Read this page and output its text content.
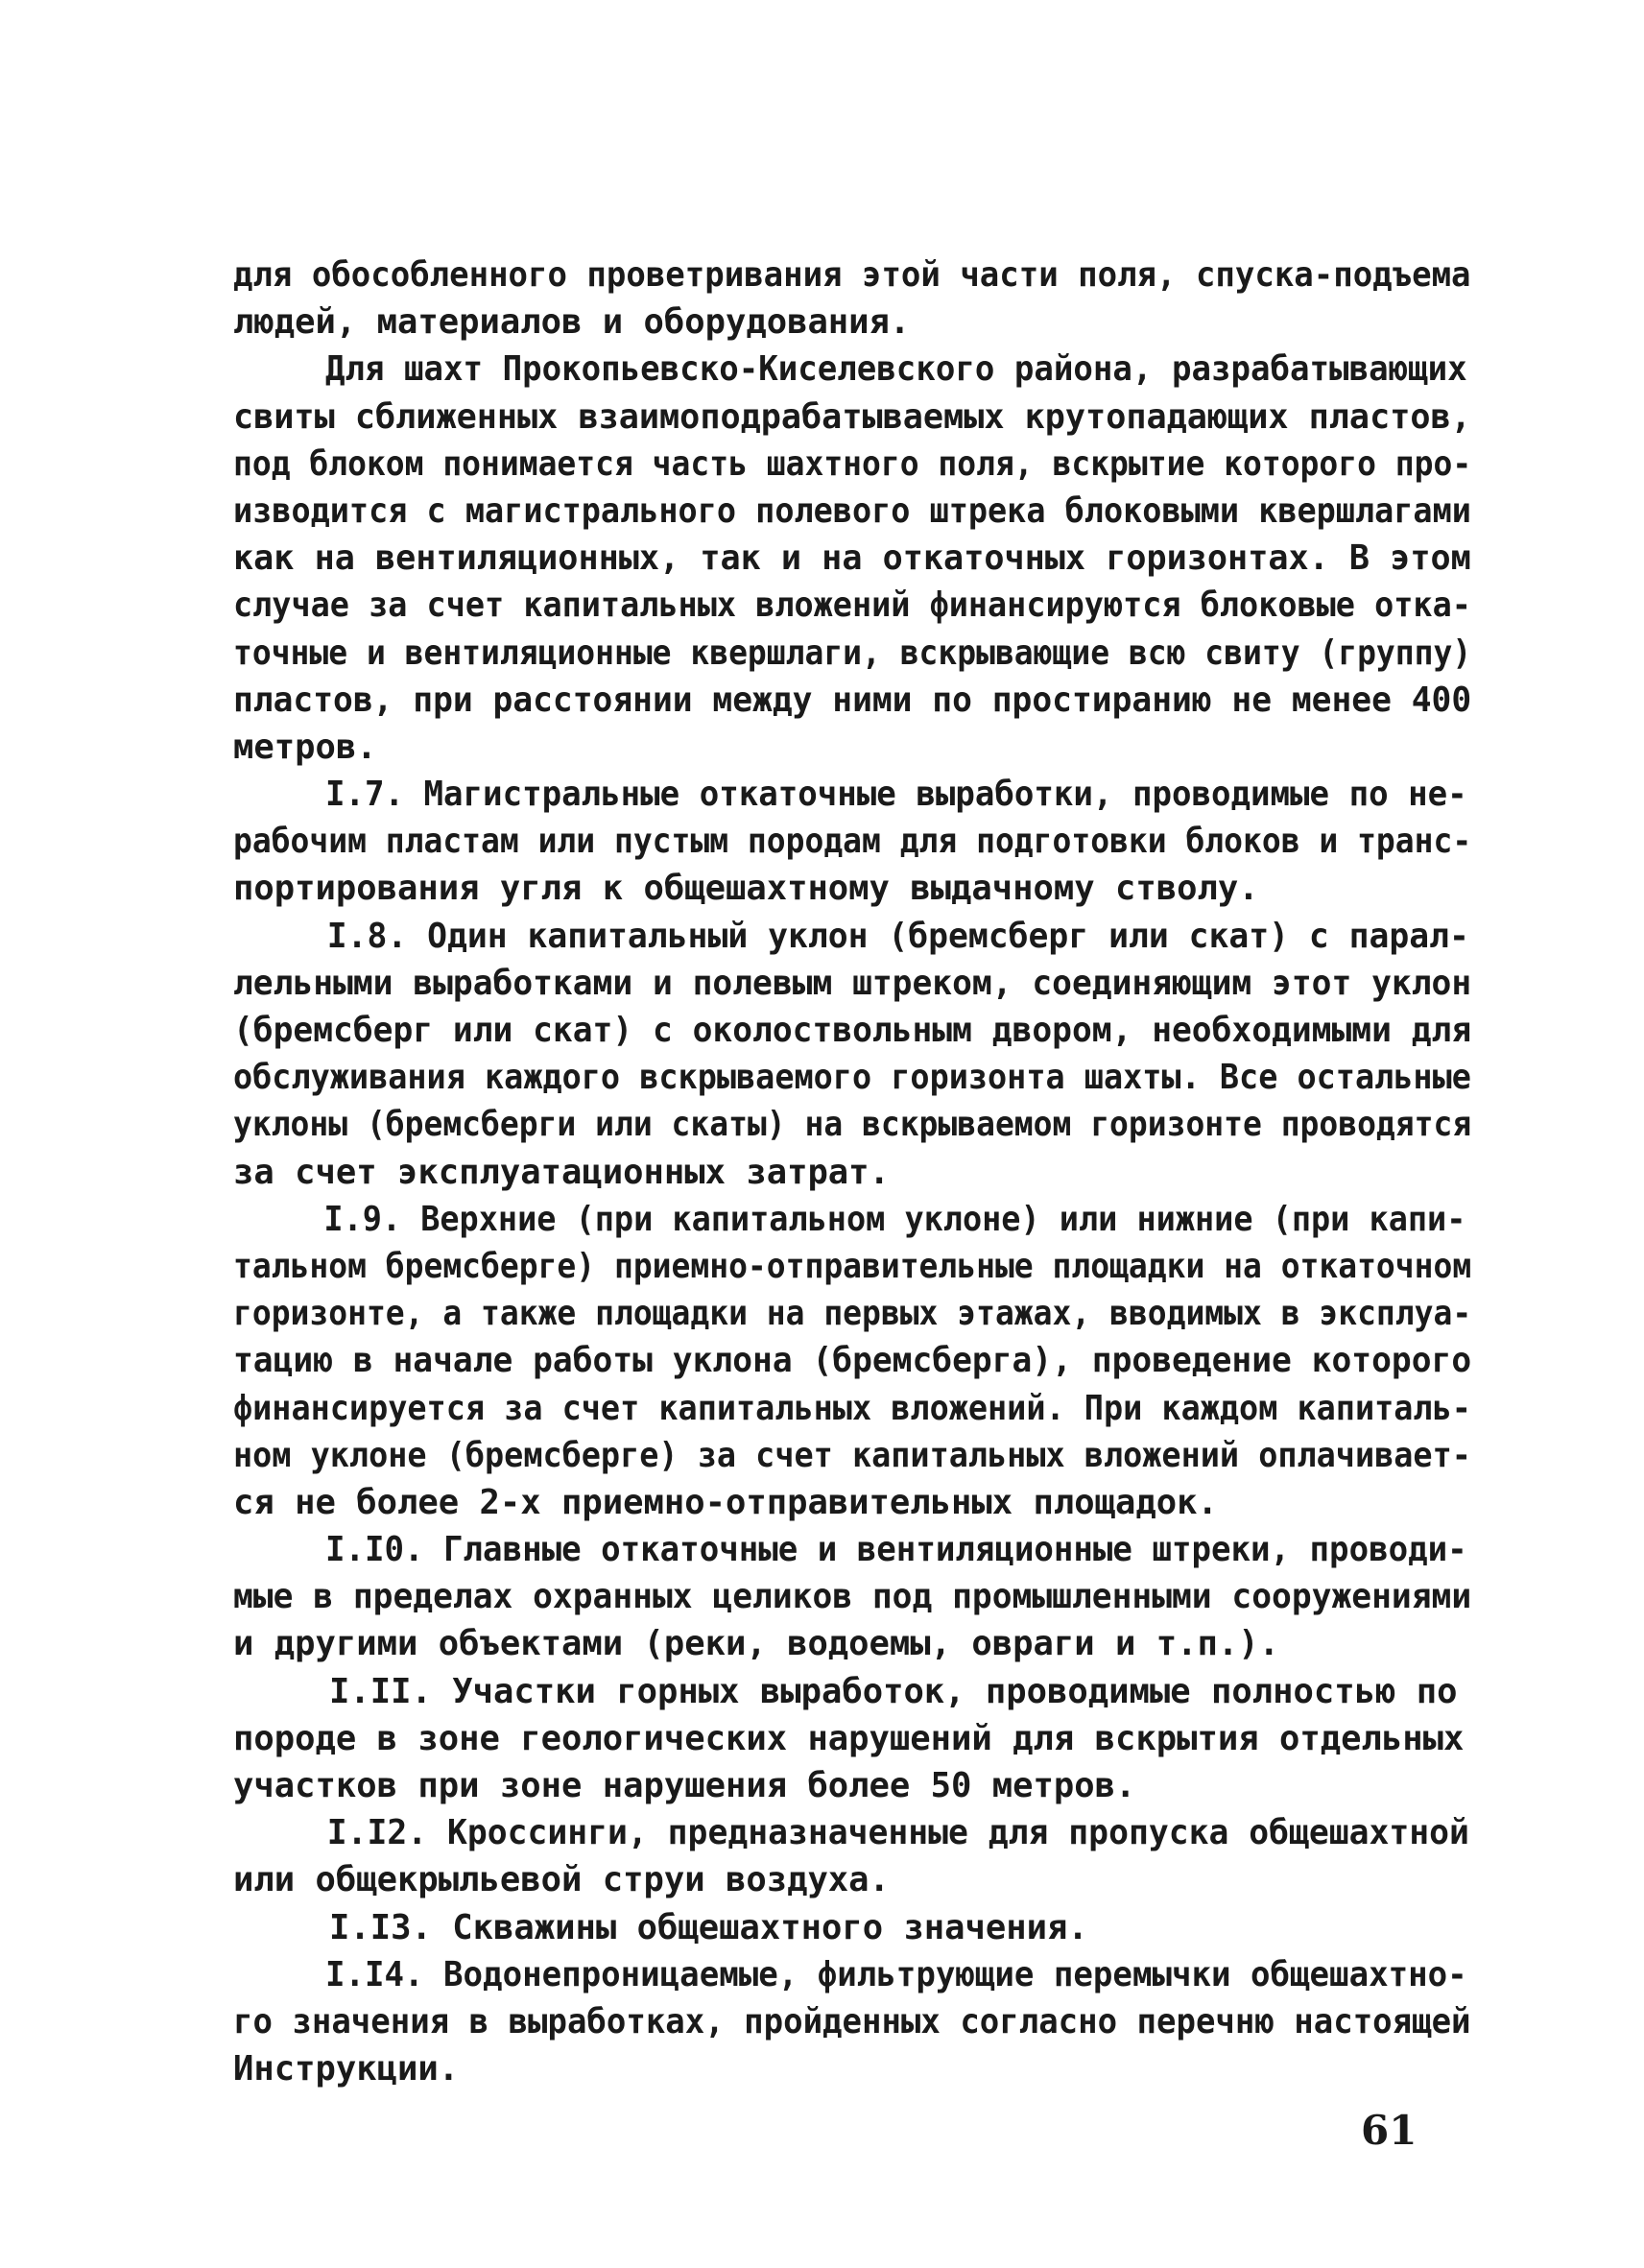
для обособленного проветривания этой части поля, спуска-подъема
людей, материалов и оборудования.
Для шахт Прокопьевско-Киселевского района, разрабатывающих
свиты сближенных взаимоподрабатываемых крутопадающих пластов,
под блоком понимается часть шахтного поля, вскрытие которого про-
изводится с магистрального полевого штрека блоковыми квершлагами
как на вентиляционных, так и на откаточных горизонтах. В этом
случае за счет капитальных вложений финансируются блоковые отка-
точные и вентиляционные квершлаги, вскрывающие всю свиту (группу)
пластов, при расстоянии между ними по простиранию не менее 400
метров.
I.7. Магистральные откаточные выработки, проводимые по не-
рабочим пластам или пустым породам для подготовки блоков и транс-
портирования угля к общешахтному выдачному стволу.
I.8. Один капитальный уклон (бремсберг или скат) с парал-
лельными выработками и полевым штреком, соединяющим этот уклон
(бремсберг или скат) с околоствольным двором, необходимыми для
обслуживания каждого вскрываемого горизонта шахты. Все остальные
уклоны (бремсберги или скаты) на вскрываемом горизонте проводятся
за счет эксплуатационных затрат.
I.9. Верхние (при капитальном уклоне) или нижние (при капи-
тальном бремсберге) приемно-отправительные площадки на откаточном
горизонте, а также площадки на первых этажах, вводимых в эксплуа-
тацию в начале работы уклона (бремсберга), проведение которого
финансируется за счет капитальных вложений. При каждом капиталь-
ном уклоне (бремсберге) за счет капитальных вложений оплачивает-
ся не более 2-х приемно-отправительных площадок.
I.I0. Главные откаточные и вентиляционные штреки, проводи-
мые в пределах охранных целиков под промышленными сооружениями
и другими объектами (реки, водоемы, овраги и т.п.).
I.II. Участки горных выработок, проводимые полностью по
породе в зоне геологических нарушений для вскрытия отдельных
участков при зоне нарушения более 50 метров.
I.I2. Кроссинги, предназначенные для пропуска общешахтной
или общекрыльевой струи воздуха.
I.I3. Скважины общешахтного значения.
I.I4. Водонепроницаемые, фильтрующие перемычки общешахтно-
го значения в выработках, пройденных согласно перечню настоящей
Инструкции.
61
